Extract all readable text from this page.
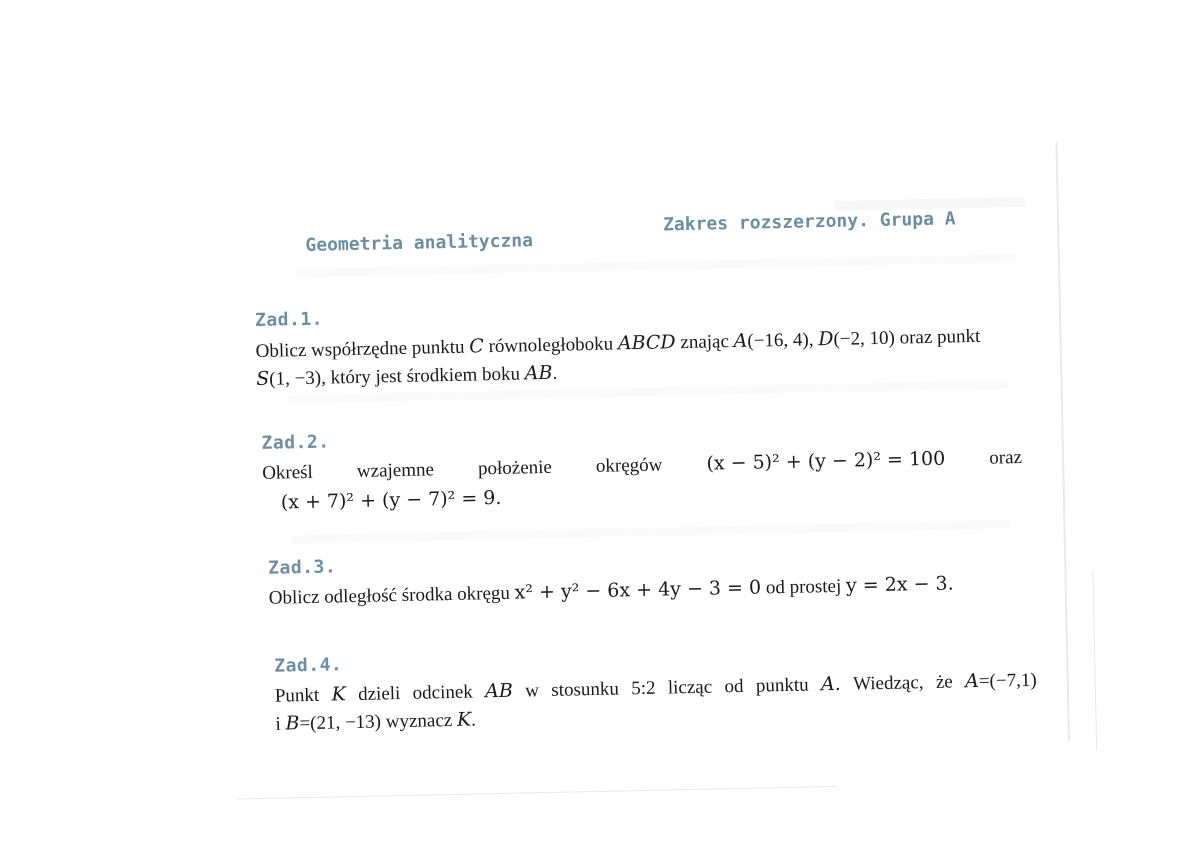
Geometria analityczna
Zakres rozszerzony. Grupa A
Zad.1.
Oblicz współrzędne punktu C równoległoboku ABCD znając A(−16, 4), D(−2, 10) oraz punkt
S(1, −3), który jest środkiem boku AB.
Zad.2.
Określ wzajemne położenie okręgów (x − 5)² + (y − 2)² = 100 oraz
(x + 7)² + (y − 7)² = 9.
Zad.3.
Oblicz odległość środka okręgu x² + y² − 6x + 4y − 3 = 0 od prostej y = 2x − 3.
Zad.4.
Punkt K dzieli odcinek AB w stosunku 5:2 licząc od punktu A. Wiedząc, że A=(−7,1)
i B=(21, −13) wyznacz K.
